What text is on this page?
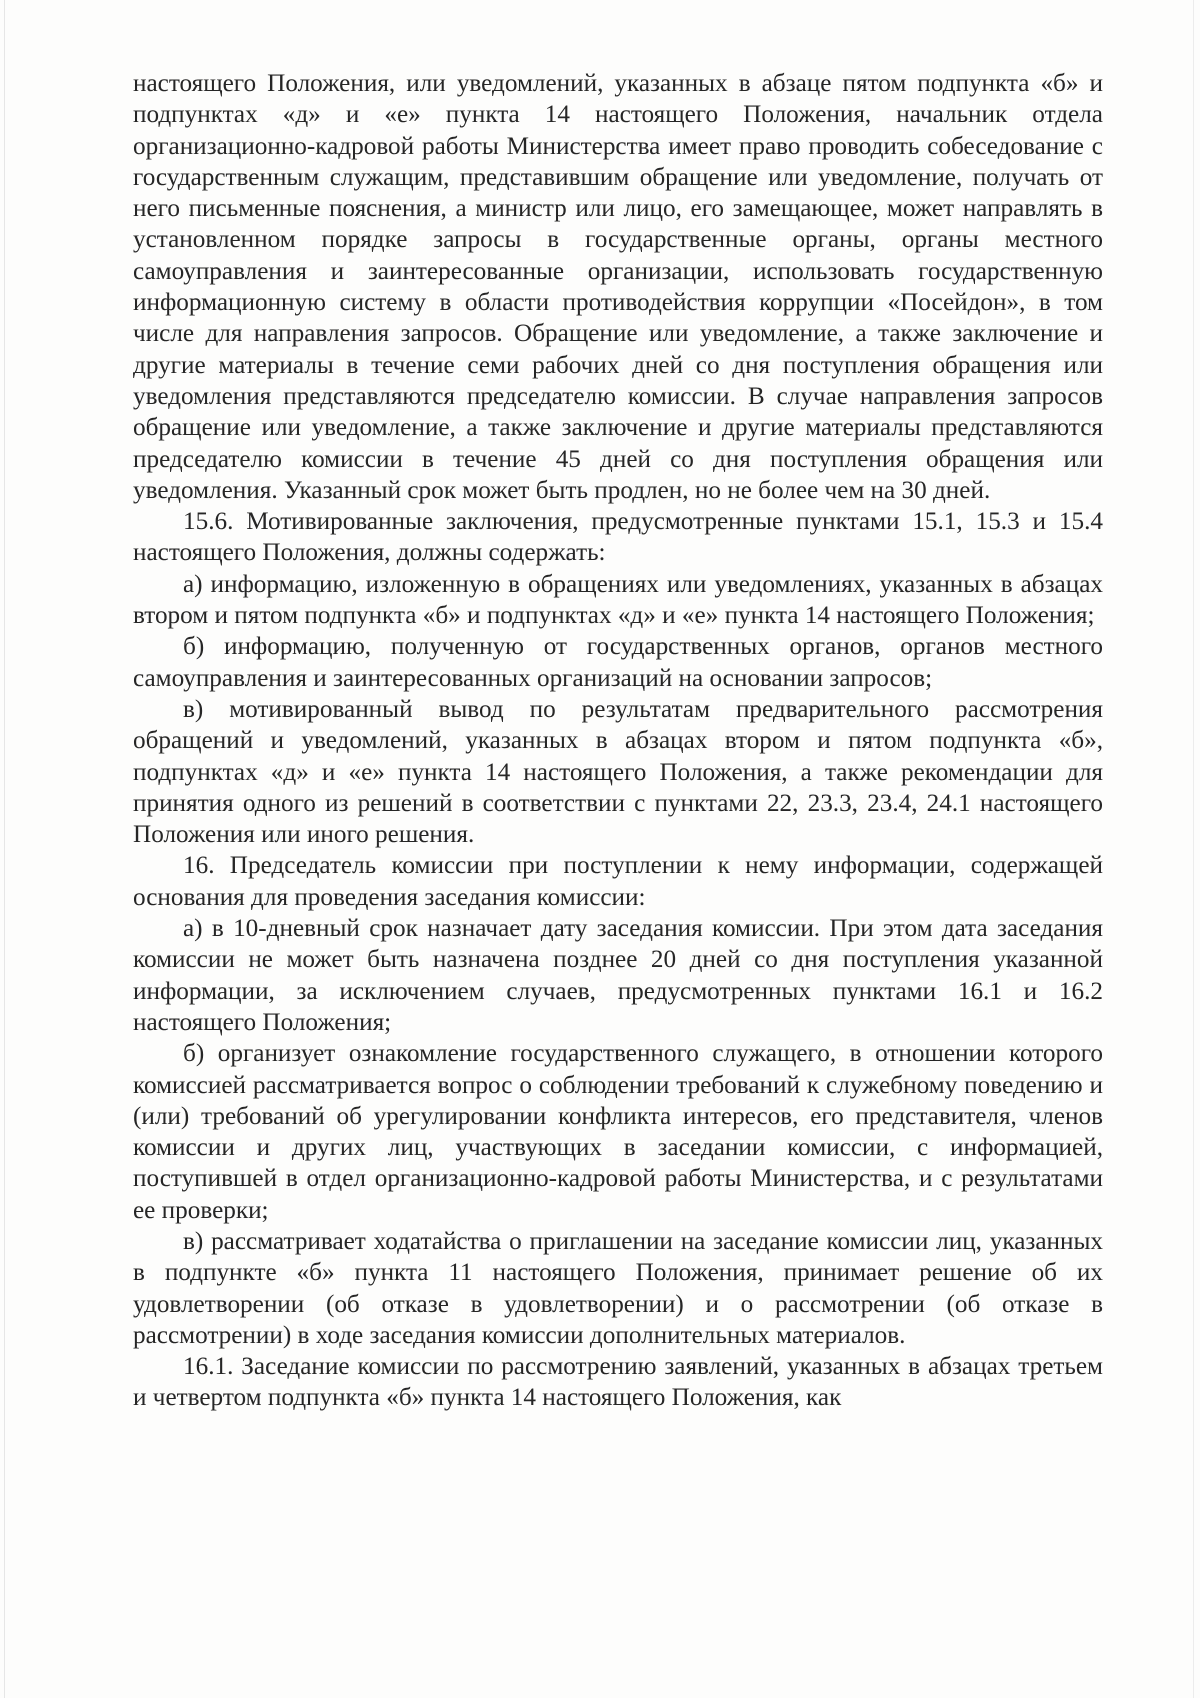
настоящего Положения, или уведомлений, указанных в абзаце пятом подпункта «б» и подпунктах «д» и «е» пункта 14 настоящего Положения, начальник отдела организационно-кадровой работы Министерства имеет право проводить собеседование с государственным служащим, представившим обращение или уведомление, получать от него письменные пояснения, а министр или лицо, его замещающее, может направлять в установленном порядке запросы в государственные органы, органы местного самоуправления и заинтересованные организации, использовать государственную информационную систему в области противодействия коррупции «Посейдон», в том числе для направления запросов. Обращение или уведомление, а также заключение и другие материалы в течение семи рабочих дней со дня поступления обращения или уведомления представляются председателю комиссии. В случае направления запросов обращение или уведомление, а также заключение и другие материалы представляются председателю комиссии в течение 45 дней со дня поступления обращения или уведомления. Указанный срок может быть продлен, но не более чем на 30 дней.

15.6. Мотивированные заключения, предусмотренные пунктами 15.1, 15.3 и 15.4 настоящего Положения, должны содержать:

а) информацию, изложенную в обращениях или уведомлениях, указанных в абзацах втором и пятом подпункта «б» и подпунктах «д» и «е» пункта 14 настоящего Положения;

б) информацию, полученную от государственных органов, органов местного самоуправления и заинтересованных организаций на основании запросов;

в) мотивированный вывод по результатам предварительного рассмотрения обращений и уведомлений, указанных в абзацах втором и пятом подпункта «б», подпунктах «д» и «е» пункта 14 настоящего Положения, а также рекомендации для принятия одного из решений в соответствии с пунктами 22, 23.3, 23.4, 24.1 настоящего Положения или иного решения.

16. Председатель комиссии при поступлении к нему информации, содержащей основания для проведения заседания комиссии:

а) в 10-дневный срок назначает дату заседания комиссии. При этом дата заседания комиссии не может быть назначена позднее 20 дней со дня поступления указанной информации, за исключением случаев, предусмотренных пунктами 16.1 и 16.2 настоящего Положения;

б) организует ознакомление государственного служащего, в отношении которого комиссией рассматривается вопрос о соблюдении требований к служебному поведению и (или) требований об урегулировании конфликта интересов, его представителя, членов комиссии и других лиц, участвующих в заседании комиссии, с информацией, поступившей в отдел организационно-кадровой работы Министерства, и с результатами ее проверки;

в) рассматривает ходатайства о приглашении на заседание комиссии лиц, указанных в подпункте «б» пункта 11 настоящего Положения, принимает решение об их удовлетворении (об отказе в удовлетворении) и о рассмотрении (об отказе в рассмотрении) в ходе заседания комиссии дополнительных материалов.

16.1. Заседание комиссии по рассмотрению заявлений, указанных в абзацах третьем и четвертом подпункта «б» пункта 14 настоящего Положения, как
